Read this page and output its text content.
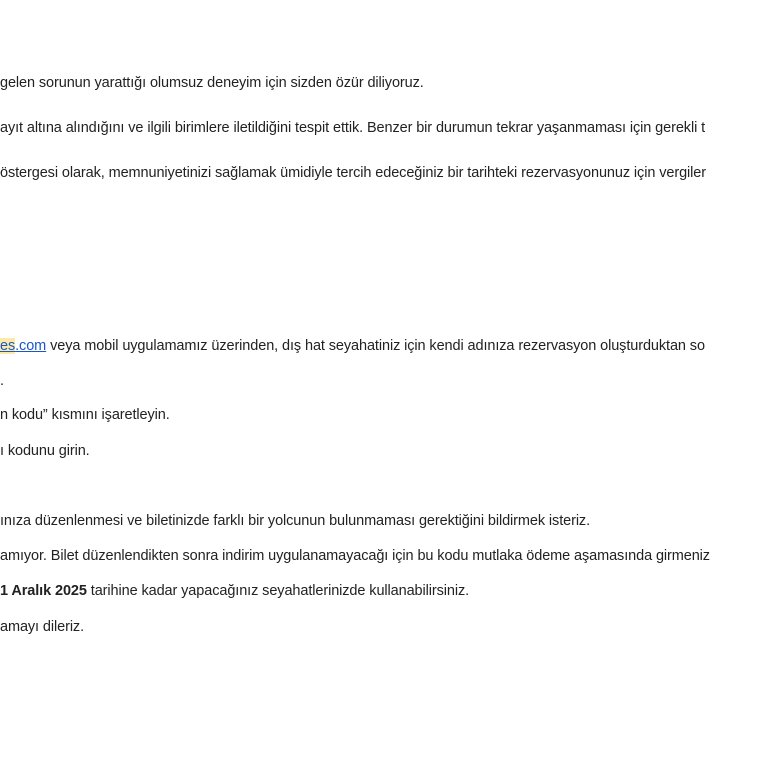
gelen sorunun yarattığı olumsuz deneyim için sizden özür diliyoruz.
ayıt altına alındığını ve ilgili birimlere iletildiğini tespit ettik. Benzer bir durumun tekrar yaşanmaması için gerekli t
östergesi olarak, memnuniyetinizi sağlamak ümidiyle tercih edeceğiniz bir tarihteki rezervasyonunuz için vergiler
es.com veya mobil uygulamamız üzerinden, dış hat seyahatiniz için kendi adınıza rezervasyon oluşturduktan so
.
n kodu” kısmını işaretleyin.
ı kodunu girin.
ınıza düzenlenmesi ve biletinizde farklı bir yolcunun bulunmaması gerektiğini bildirmek isteriz.
amıyor. Bilet düzenlendikten sonra indirim uygulanamayacağı için bu kodu mutlaka ödeme aşamasında girmeniz
1 Aralık 2025 tarihine kadar yapacağınız seyahatlerinizde kullanabilirsiniz.
amayı dileriz.
